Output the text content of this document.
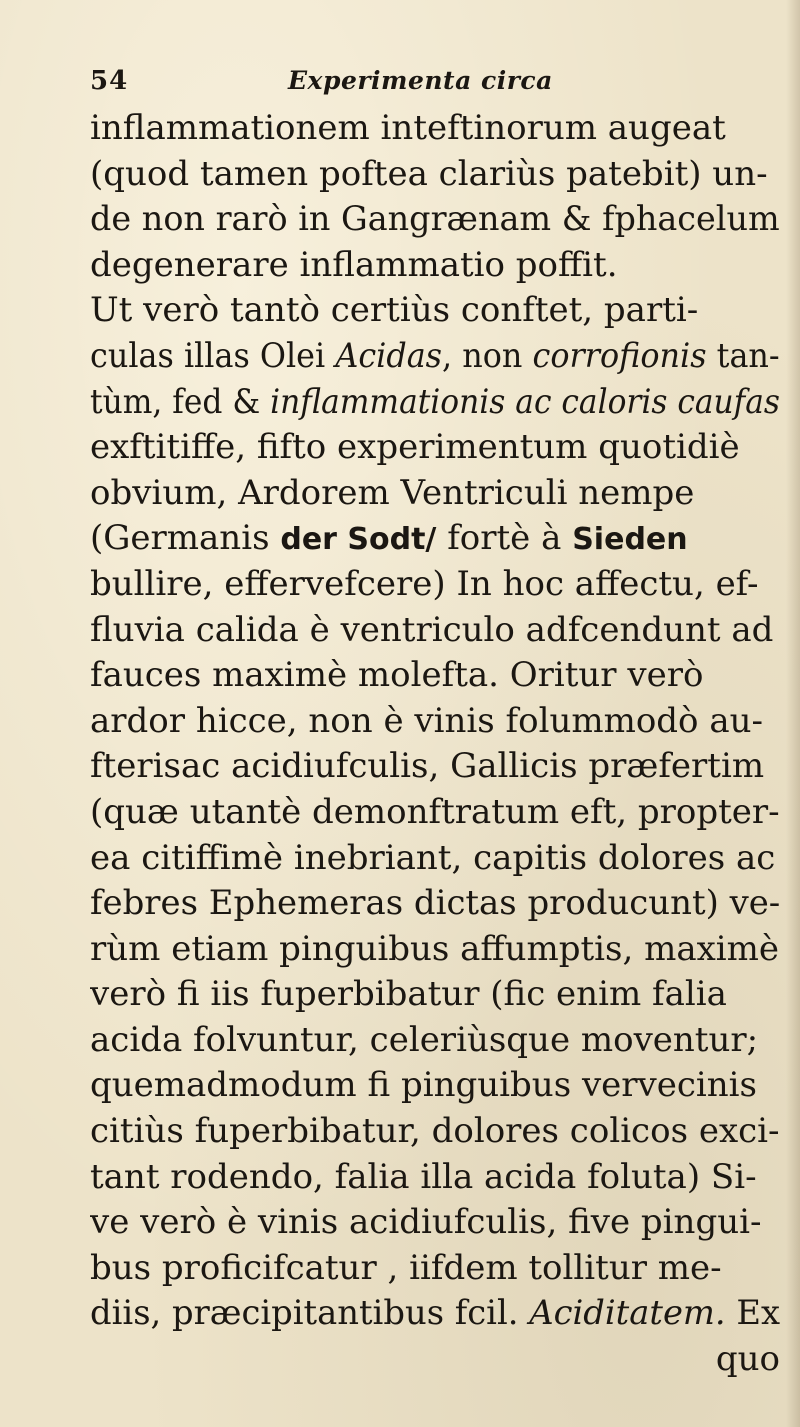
54	Experimenta circa
inflammationem inteftinorum augeat
(quod tamen poftea clariùs patebit) un-
de non rarò in Gangrænam & fphacelum
degenerare inflammatio poffit.
Ut verò tantò certiùs conftet, parti-
culas illas Olei Acidas, non corrofionis tan-
tùm, fed & inflammationis ac caloris caufas
exftitiffe, fifto experimentum quotidiè
obvium, Ardorem Ventriculi nempe
(Germanis der Sodt/ fortè à Sieden
bullire, effervefcere) In hoc affectu, ef-
fluvia calida è ventriculo adfcendunt ad
fauces maximè molefta. Oritur verò
ardor hicce, non è vinis folummodò au-
fterisac acidiufculis, Gallicis præfertim
(quæ utantè demonftratum eft, propter-
ea citiffimè inebriant, capitis dolores ac
febres Ephemeras dictas producunt) ve-
rùm etiam pinguibus affumptis, maximè
verò fi iis fuperbibatur (fic enim falia
acida folvuntur, celeriùsque moventur;
quemadmodum fi pinguibus vervecinis
citiùs fuperbibatur, dolores colicos exci-
tant rodendo, falia illa acida foluta) Si-
ve verò è vinis acidiufculis, five pingui-
bus proficifcatur , iifdem tollitur me-
diis, præcipitantibus fcil. Aciditatem. Ex
quo
